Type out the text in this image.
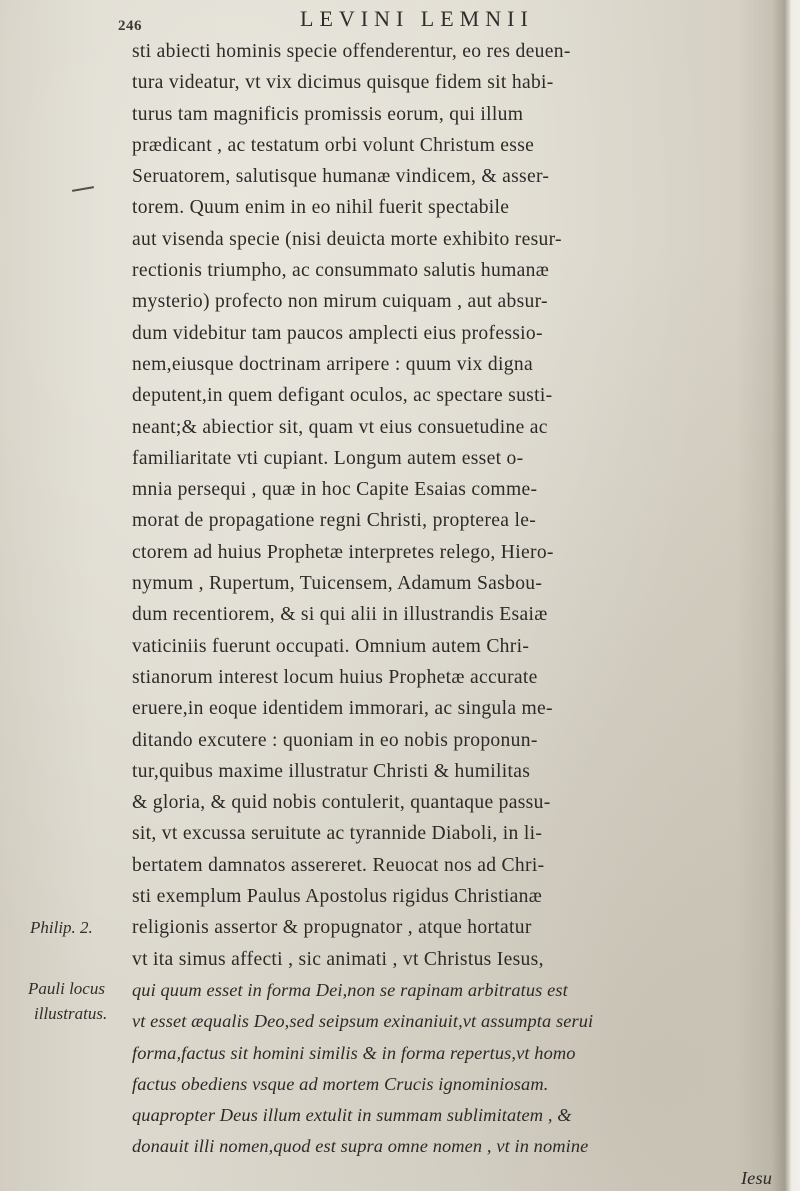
246	LEVINI LEMNII
Philip. 2.
Pauli locus
illustratus.
sti abiecti hominis specie offenderentur, eo res deuen-
tura videatur, vt vix dicimus quisque fidem sit habi-
turus tam magnificis promissis eorum, qui illum
prædicant , ac testatum orbi volunt Christum esse
Seruatorem, salutisque humanæ vindicem, & asser-
torem. Quum enim in eo nihil fuerit spectabile
aut visenda specie (nisi deuicta morte exhibito resur-
rectionis triumpho, ac consummato salutis humanæ
mysterio) profecto non mirum cuiquam , aut absur-
dum videbitur tam paucos amplecti eius professio-
nem,eiusque doctrinam arripere : quum vix digna
deputent,in quem defigant oculos, ac spectare susti-
neant;& abiectior sit, quam vt eius consuetudine ac
familiaritate vti cupiant. Longum autem esset o-
mnia persequi , quæ in hoc Capite Esaias comme-
morat de propagatione regni Christi, propterea le-
ctorem ad huius Prophetæ interpretes relego, Hiero-
nymum , Rupertum, Tuicensem, Adamum Sasbou-
dum recentiorem, & si qui alii in illustrandis Esaiæ
vaticiniis fuerunt occupati. Omnium autem Chri-
stianorum interest locum huius Prophetæ accurate
eruere,in eoque identidem immorari, ac singula me-
ditando excutere : quoniam in eo nobis proponun-
tur,quibus maxime illustratur Christi & humilitas
& gloria, & quid nobis contulerit, quantaque passu-
sit, vt excussa seruitute ac tyrannide Diaboli, in li-
bertatem damnatos assereret. Reuocat nos ad Chri-
sti exemplum Paulus Apostolus rigidus Christianæ
religionis assertor & propugnator , atque hortatur
vt ita simus affecti , sic animati , vt Christus Iesus,
qui quum esset in forma Dei,non se rapinam arbitratus est
vt esset æqualis Deo,sed seipsum exinaniuit,vt assumpta serui
forma,factus sit homini similis & in forma repertus,vt homo
factus obediens vsque ad mortem Crucis ignominiosam.
quapropter Deus illum extulit in summam sublimitatem , &
donauit illi nomen,quod est supra omne nomen , vt in nomine
Iesu
